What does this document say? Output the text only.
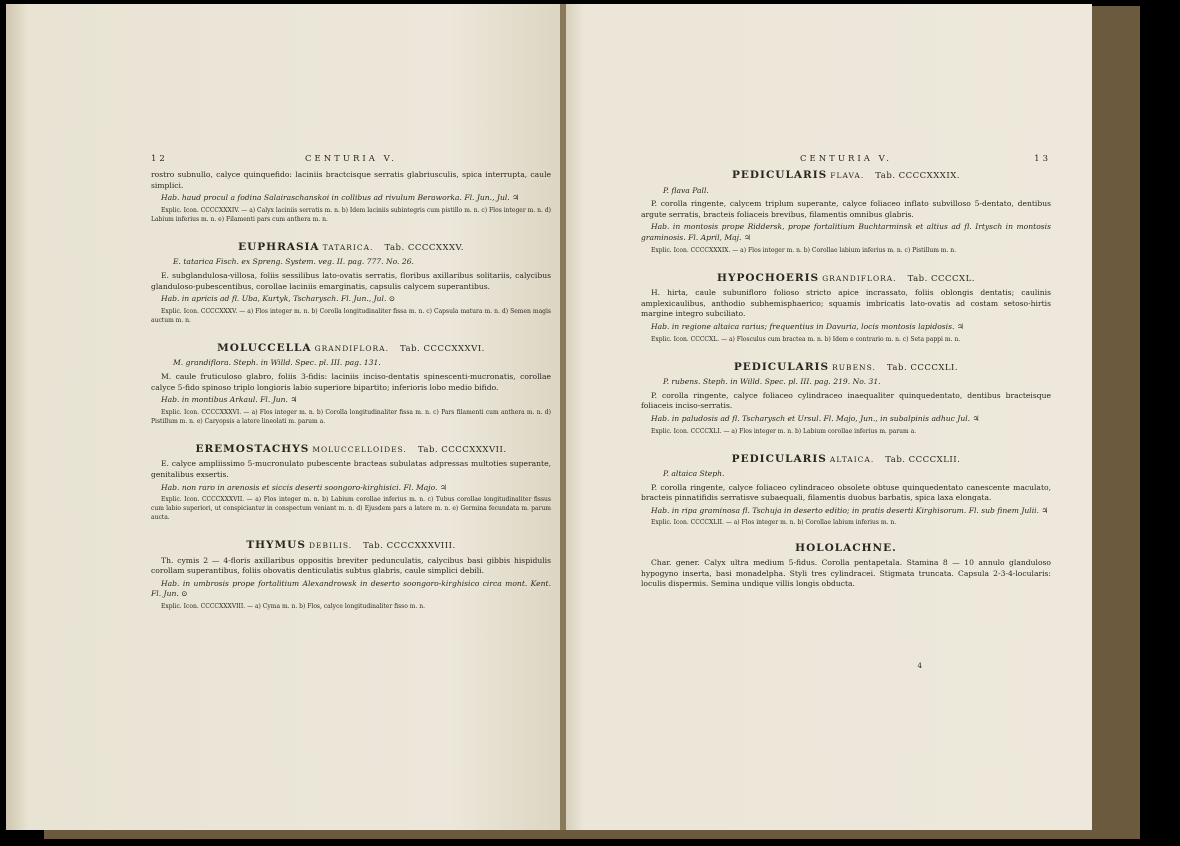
12	CENTURIA V.

rostro subnullo, calyce quinquefido: laciniis bractcisque serratis glabriusculis, spica interrupta, caule simplici.

Hab. haud procul a fodina Salairaschanskoi in collibus ad rivulum Beraworka. Fl. Jun., Jul. ♃

Explic. Icon. CCCCXXXIV. — a) Calyx laciniis serratis m. n. b) Idem laciniis subintegris cum pistillo m. n. c) Flos integer m. n. d) Labium inferius m. n. e) Filamenti pars cum anthera m. n.

EUPHRASIA TATARICA. Tab. CCCCXXXV.

E. tatarica Fisch. ex Spreng. System. veg. II. pag. 777. No. 26.

E. subglandulosa-villosa, foliis sessilibus lato-ovatis serratis, floribus axillaribus solitariis, calycibus glanduloso-pubescentibus, corollae laciniis emarginatis, capsulis calycem superantibus.

Hab. in apricis ad fl. Uba, Kurtyk, Tscharysch. Fl. Jun., Jul. ⊙

Explic. Icon. CCCCXXXV. — a) Flos integer m. n. b) Corolla longitudinaliter fissa m. n. c) Capsula matura m. n. d) Semen magis auctum m. n.

MOLUCCELLA GRANDIFLORA. Tab. CCCCXXXVI.

M. grandiflora. Steph. in Willd. Spec. pl. III. pag. 131.

M. caule fruticuloso glabro, foliis 3-fidis: laciniis inciso-dentatis spinescenti-mucronatis, corollae calyce 5-fido spinoso triplo longioris labio superiore bipartito; inferioris lobo medio bifido.

Hab. in montibus Arkaul. Fl. Jun. ♃

Explic. Icon. CCCCXXXVI. — a) Flos integer m. n. b) Corolla longitudinaliter fissa m. n. c) Pars filamenti cum anthera m. n. d) Pistillum m. n. e) Caryopsis a latere lineolati m. parum a.

EREMOSTACHYS MOLUCCELLOIDES. Tab. CCCCXXXVII.

E. calyce ampliissimo 5-mucronulato pubescente bracteas subulatas adpressas multoties superante, genitalibus exsertis.

Hab. non raro in arenosis et siccis deserti soongoro-kirghisici. Fl. Majo. ♃

Explic. Icon. CCCCXXXVII. — a) Flos integer m. n. b) Labium corollae inferius m. n. c) Tubus corollae longitudinaliter fissus cum labio superiori, ut conspiciantur in conspectum veniant m. n. d) Ejusdem pars a latere m. n. e) Germina fecundata m. parum aucta.

THYMUS DEBILIS. Tab. CCCCXXXVIII.

Th. cymis 2 — 4-floris axillaribus oppositis breviter pedunculatis, calycibus basi gibbis hispidulis corollam superantibus, foliis obovatis denticulatis subtus glabris, caule simplici debili.

Hab. in umbrosis prope fortalitium Alexandrowsk in deserto soongoro-kirghisico circa mont. Kent. Fl. Jun. ⊙

Explic. Icon. CCCCXXXVIII. — a) Cyma m. n. b) Flos, calyce longitudinaliter fisso m. n.

CENTURIA V.	13
PEDICULARIS FLAVA. Tab. CCCCXXXIX.

P. flava Pall.

P. corolla ringente, calycem triplum superante, calyce foliaceo inflato subvilloso 5-dentato, dentibus argute serratis, bracteis foliaceis brevibus, filamentis omnibus glabris.

Hab. in montosis prope Riddersk, prope fortalitium Buchtarminsk et altius ad fl. Irtysch in montosis graminosis. Fl. April, Maj. ♃

Explic. Icon. CCCCXXXIX. — a) Flos integer m. n. b) Corollae labium inferius m. n. c) Pistillum m. n.

HYPOCHOERIS GRANDIFLORA. Tab. CCCCXL.

H. hirta, caule subunifloro folioso stricto apice incrassato, foliis oblongis dentatis; caulinis amplexicaulibus, anthodio subhemisphaerico; squamis imbricatis lato-ovatis ad costam setoso-hirtis margine integro subciliato.

Hab. in regione altaica rarius; frequentius in Davuria, locis montosis lapidosis. ♃

Explic. Icon. CCCCXL. — a) Flosculus cum bractea m. n. b) Idem e contrario m. n. c) Seta pappi m. n.

PEDICULARIS RUBENS. Tab. CCCCXLI.

P. rubens. Steph. in Willd. Spec. pl. III. pag. 219. No. 31.

P. corolla ringente, calyce foliaceo cylindraceo inaequaliter quinquedentato, dentibus bracteisque foliaceis inciso-serratis.

Hab. in paludosis ad fl. Tscharysch et Ursul. Fl. Majo, Jun., in subalpinis adhuc Jul. ♃

Explic. Icon. CCCCXLI. — a) Flos integer m. n. b) Labium corollae inferius m. parum a.

PEDICULARIS ALTAICA. Tab. CCCCXLII.

P. altaica Steph.

P. corolla ringente, calyce foliaceo cylindraceo obsolete obtuse quinquedentato canescente maculato, bracteis pinnatifidis serratisve subaequali, filamentis duobus barbatis, spica laxa elongata.

Hab. in ripa graminosa fl. Tschuja in deserto editio; in pratis deserti Kirghisorum. Fl. sub finem Julii. ♃

Explic. Icon. CCCCXLII. — a) Flos integer m. n. b) Corollae labium inferius m. n.

HOLOLACHNE.

Char. gener. Calyx ultra medium 5-fidus. Corolla pentapetala. Stamina 8 — 10 annulo glanduloso hypogyno inserta, basi monadelpha. Styli tres cylindracei. Stigmata truncata. Capsula 2-3-4-locularis: loculis dispermis. Semina undique villis longis obducta.

4
